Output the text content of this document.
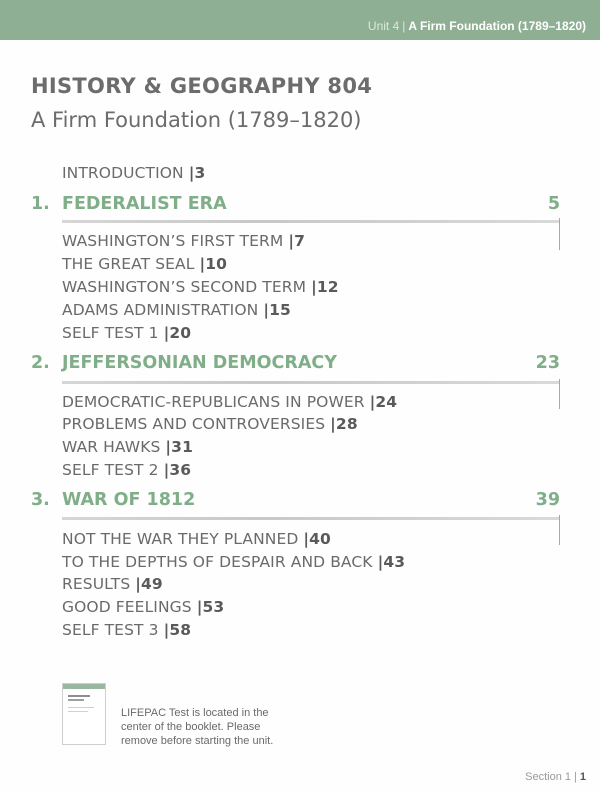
Unit 4 | A Firm Foundation (1789–1820)
HISTORY & GEOGRAPHY 804
A Firm Foundation (1789–1820)
INTRODUCTION |3
1. FEDERALIST ERA	5
WASHINGTON’S FIRST TERM |7
THE GREAT SEAL |10
WASHINGTON’S SECOND TERM |12
ADAMS ADMINISTRATION |15
SELF TEST 1 |20
2. JEFFERSONIAN DEMOCRACY	23
DEMOCRATIC-REPUBLICANS IN POWER |24
PROBLEMS AND CONTROVERSIES |28
WAR HAWKS |31
SELF TEST 2 |36
3. WAR OF 1812	39
NOT THE WAR THEY PLANNED |40
TO THE DEPTHS OF DESPAIR AND BACK |43
RESULTS |49
GOOD FEELINGS |53
SELF TEST 3 |58
LIFEPAC Test is located in the
center of the booklet. Please
remove before starting the unit.
Section 1 | 1
